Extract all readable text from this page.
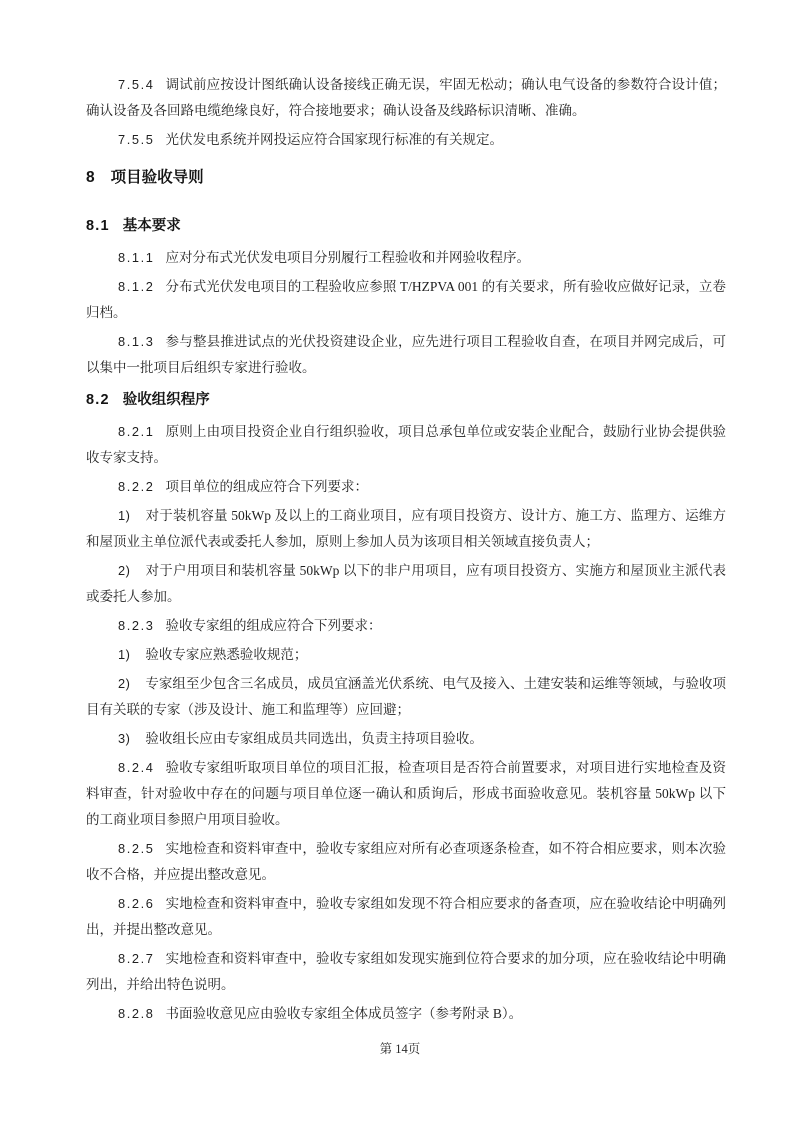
7.5.4 调试前应按设计图纸确认设备接线正确无误，牢固无松动；确认电气设备的参数符合设计值；确认设备及各回路电缆绝缘良好，符合接地要求；确认设备及线路标识清晰、准确。

7.5.5 光伏发电系统并网投运应符合国家现行标准的有关规定。

8 项目验收导则
8.1 基本要求

8.1.1 应对分布式光伏发电项目分别履行工程验收和并网验收程序。

8.1.2 分布式光伏发电项目的工程验收应参照 T/HZPVA 001 的有关要求，所有验收应做好记录，立卷归档。

8.1.3 参与整县推进试点的光伏投资建设企业，应先进行项目工程验收自查，在项目并网完成后，可以集中一批项目后组织专家进行验收。

8.2 验收组织程序

8.2.1 原则上由项目投资企业自行组织验收，项目总承包单位或安装企业配合，鼓励行业协会提供验收专家支持。

8.2.2 项目单位的组成应符合下列要求：

1) 对于装机容量 50kWp 及以上的工商业项目，应有项目投资方、设计方、施工方、监理方、运维方和屋顶业主单位派代表或委托人参加，原则上参加人员为该项目相关领域直接负责人；

2) 对于户用项目和装机容量 50kWp 以下的非户用项目，应有项目投资方、实施方和屋顶业主派代表或委托人参加。

8.2.3 验收专家组的组成应符合下列要求：

1) 验收专家应熟悉验收规范；

2) 专家组至少包含三名成员，成员宜涵盖光伏系统、电气及接入、土建安装和运维等领域，与验收项目有关联的专家（涉及设计、施工和监理等）应回避；

3) 验收组长应由专家组成员共同选出，负责主持项目验收。

8.2.4 验收专家组听取项目单位的项目汇报，检查项目是否符合前置要求，对项目进行实地检查及资料审查，针对验收中存在的问题与项目单位逐一确认和质询后，形成书面验收意见。装机容量 50kWp 以下的工商业项目参照户用项目验收。

8.2.5 实地检查和资料审查中，验收专家组应对所有必查项逐条检查，如不符合相应要求，则本次验收不合格，并应提出整改意见。

8.2.6 实地检查和资料审查中，验收专家组如发现不符合相应要求的备查项，应在验收结论中明确列出，并提出整改意见。

8.2.7 实地检查和资料审查中，验收专家组如发现实施到位符合要求的加分项，应在验收结论中明确列出，并给出特色说明。

8.2.8 书面验收意见应由验收专家组全体成员签字（参考附录 B）。

第 14页
